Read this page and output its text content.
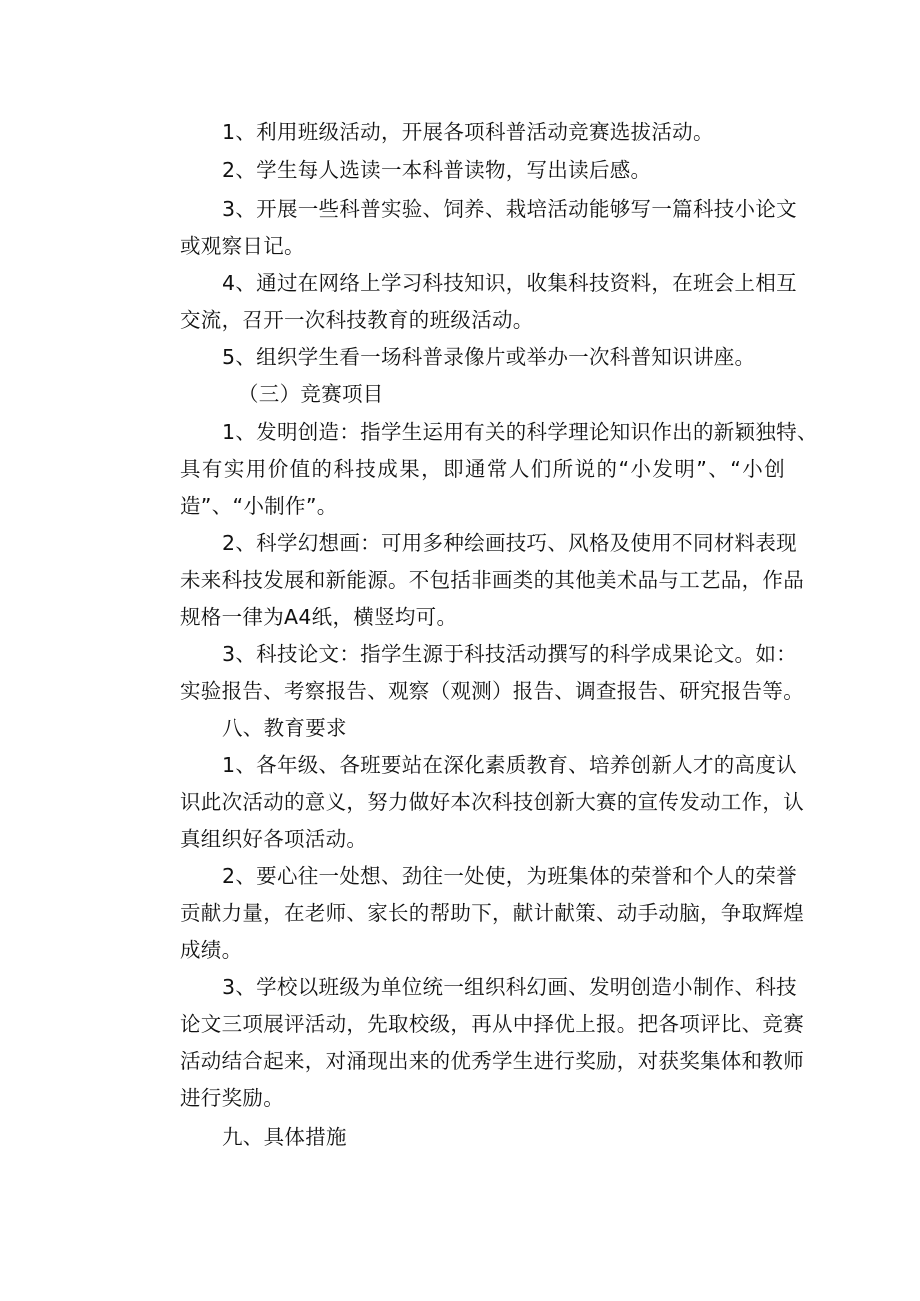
1、利用班级活动，开展各项科普活动竞赛选拔活动。
2、学生每人选读一本科普读物，写出读后感。
3、开展一些科普实验、饲养、栽培活动能够写一篇科技小论文
或观察日记。
4、通过在网络上学习科技知识，收集科技资料，在班会上相互
交流，召开一次科技教育的班级活动。
5、组织学生看一场科普录像片或举办一次科普知识讲座。
（三）竞赛项目
1、发明创造：指学生运用有关的科学理论知识作出的新颖独特、
具有实用价值的科技成果，即通常人们所说的“小发明”、“小创
造”、“小制作”。
2、科学幻想画：可用多种绘画技巧、风格及使用不同材料表现
未来科技发展和新能源。不包括非画类的其他美术品与工艺品，作品
规格一律为A4纸，横竖均可。
3、科技论文：指学生源于科技活动撰写的科学成果论文。如：
实验报告、考察报告、观察（观测）报告、调查报告、研究报告等。
八、教育要求
1、各年级、各班要站在深化素质教育、培养创新人才的高度认
识此次活动的意义，努力做好本次科技创新大赛的宣传发动工作，认
真组织好各项活动。
2、要心往一处想、劲往一处使，为班集体的荣誉和个人的荣誉
贡献力量，在老师、家长的帮助下，献计献策、动手动脑，争取辉煌
成绩。
3、学校以班级为单位统一组织科幻画、发明创造小制作、科技
论文三项展评活动，先取校级，再从中择优上报。把各项评比、竞赛
活动结合起来，对涌现出来的优秀学生进行奖励，对获奖集体和教师
进行奖励。
九、具体措施
